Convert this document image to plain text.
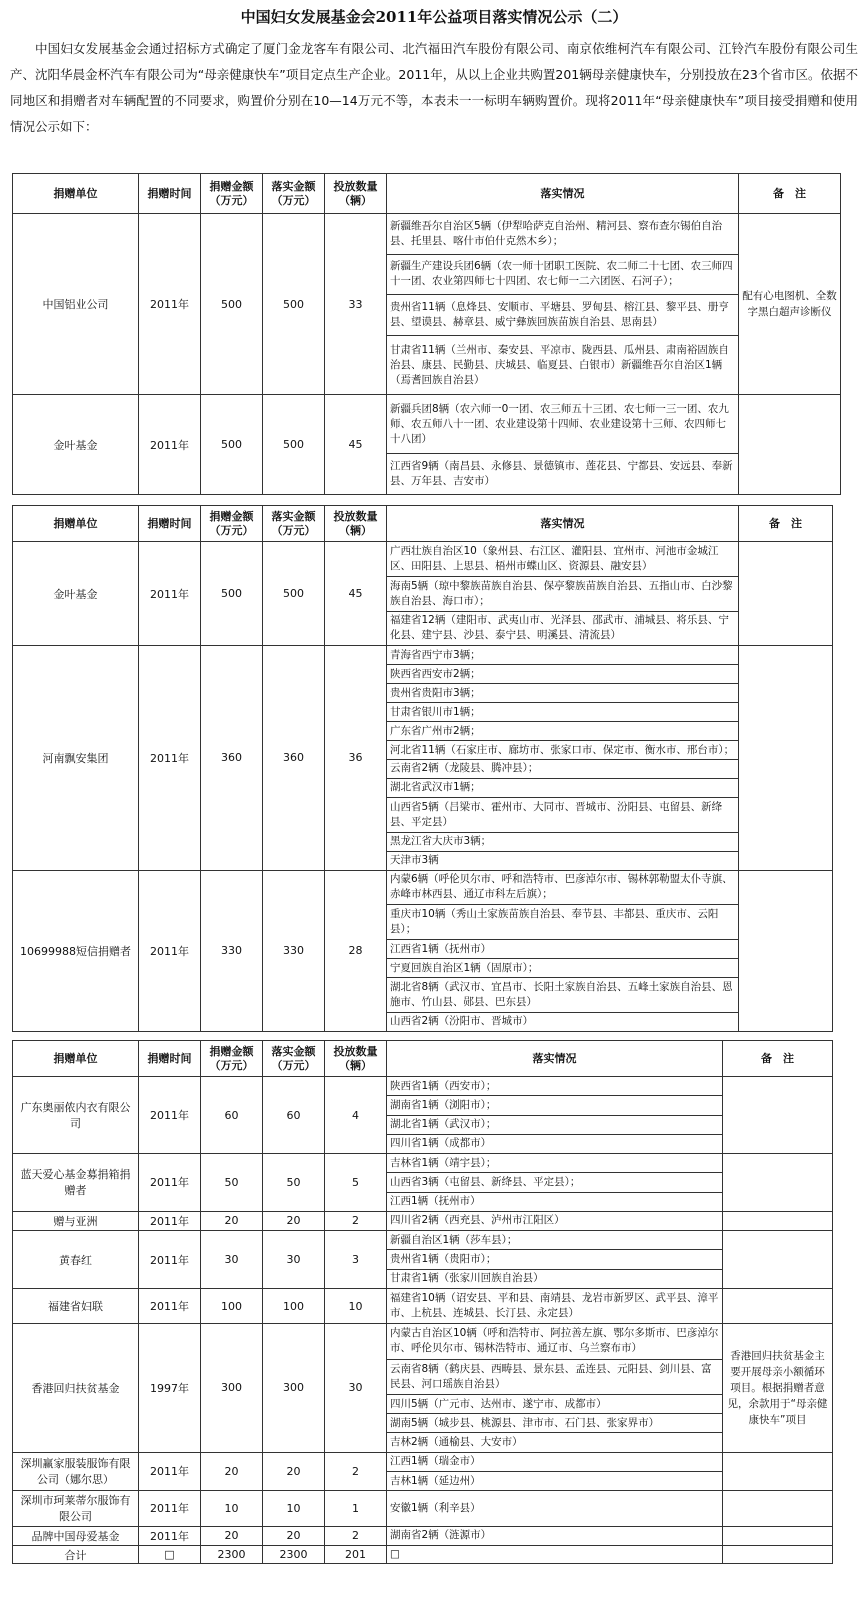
中国妇女发展基金会2011年公益项目落实情况公示（二）

中国妇女发展基金会通过招标方式确定了厦门金龙客车有限公司、北汽福田汽车股份有限公司、南京依维柯汽车有限公司、江铃汽车股份有限公司生产、沈阳华晨金杯汽车有限公司为“母亲健康快车”项目定点生产企业。2011年，从以上企业共购置201辆母亲健康快车，分别投放在23个省市区。依据不同地区和捐赠者对车辆配置的不同要求，购置价分别在10—14万元不等，本表未一一标明车辆购置价。现将2011年“母亲健康快车”项目接受捐赠和使用情况公示如下：

捐赠单位	捐赠时间	捐赠金额（万元）	落实金额（万元）	投放数量（辆）	落实情况	备　注
中国铝业公司	2011年	500	500	33	新疆维吾尔自治区5辆（伊犁哈萨克自治州、精河县、察布查尔锡伯自治县、托里县、喀什市伯什克然木乡）；	配有心电图机、全数字黑白超声诊断仪
					新疆生产建设兵团6辆（农一师十团职工医院、农二师二十七团、农三师四十一团、农业第四师七十四团、农七师一二六团医、石河子）；	
					贵州省11辆（息烽县、安顺市、平塘县、罗甸县、榕江县、黎平县、册亨县、望谟县、赫章县、威宁彝族回族苗族自治县、思南县）	
					甘肃省11辆（兰州市、秦安县、平凉市、陇西县、瓜州县、肃南裕固族自治县、康县、民勤县、庆城县、临夏县、白银市）新疆维吾尔自治区1辆（焉耆回族自治县）	
金叶基金	2011年	500	500	45	新疆兵团8辆（农六师一0一团、农三师五十三团、农七师一三一团、农九师、农五师八十一团、农业建设第十四师、农业建设第十三师、农四师七十八团）	
					江西省9辆（南昌县、永修县、景德镇市、莲花县、宁都县、安远县、奉新县、万年县、吉安市）	
捐赠单位	捐赠时间	捐赠金额（万元）	落实金额（万元）	投放数量（辆）	落实情况	备　注
金叶基金	2011年	500	500	45	广西壮族自治区10（象州县、右江区、灌阳县、宜州市、河池市金城江区、田阳县、上思县、梧州市蝶山区、资源县、融安县）	
					海南5辆（琼中黎族苗族自治县、保亭黎族苗族自治县、五指山市、白沙黎族自治县、海口市）；	
					福建省12辆（建阳市、武夷山市、光泽县、邵武市、浦城县、将乐县、宁化县、建宁县、沙县、泰宁县、明溪县、清流县）	
河南飘安集团	2011年	360	360	36	青海省西宁市3辆；	
					陕西省西安市2辆；	
					贵州省贵阳市3辆；	
					甘肃省银川市1辆；	
					广东省广州市2辆；	
					河北省11辆（石家庄市、廊坊市、张家口市、保定市、衡水市、邢台市）；	
					云南省2辆（龙陵县、腾冲县）；	
					湖北省武汉市1辆；	
					山西省5辆（吕梁市、霍州市、大同市、晋城市、汾阳县、屯留县、新绛县、平定县）	
					黑龙江省大庆市3辆；	
					天津市3辆	
10699988短信捐赠者	2011年	330	330	28	内蒙6辆（呼伦贝尔市、呼和浩特市、巴彦淖尔市、锡林郭勒盟太仆寺旗、赤峰市林西县、通辽市科左后旗）；	
					重庆市10辆（秀山土家族苗族自治县、奉节县、丰都县、重庆市、云阳县）；	
					江西省1辆（抚州市）	
					宁夏回族自治区1辆（固原市）；	
					湖北省8辆（武汉市、宜昌市、长阳土家族自治县、五峰土家族自治县、恩施市、竹山县、郧县、巴东县）	
					山西省2辆（汾阳市、晋城市）	
捐赠单位	捐赠时间	捐赠金额（万元）	落实金额（万元）	投放数量（辆）	落实情况	备　注
广东奥丽侬内衣有限公司	2011年	60	60	4	陕西省1辆（西安市）；	
					湖南省1辆（浏阳市）；	
					湖北省1辆（武汉市）；	
					四川省1辆（成都市）	
蓝天爱心基金募捐箱捐赠者	2011年	50	50	5	吉林省1辆（靖宇县）；	
					山西省3辆（屯留县、新绛县、平定县）；	
					江西1辆（抚州市）	
赠与亚洲	2011年	20	20	2	四川省2辆（西充县、泸州市江阳区）	
黄春红	2011年	30	30	3	新疆自治区1辆（莎车县）；	
					贵州省1辆（贵阳市）；	
					甘肃省1辆（张家川回族自治县）	
福建省妇联	2011年	100	100	10	福建省10辆（诏安县、平和县、南靖县、龙岩市新罗区、武平县、漳平市、上杭县、连城县、长汀县、永定县）	
香港回归扶贫基金	1997年	300	300	30	内蒙古自治区10辆（呼和浩特市、阿拉善左旗、鄂尔多斯市、巴彦淖尔市、呼伦贝尔市、锡林浩特市、通辽市、乌兰察布市）	香港回归扶贫基金主要开展母亲小额循环项目。根据捐赠者意见，余款用于“母亲健康快车”项目
					云南省8辆（鹤庆县、西畴县、景东县、孟连县、元阳县、剑川县、富民县、河口瑶族自治县）	
					四川5辆（广元市、达州市、遂宁市、成都市）	
					湖南5辆（城步县、桃源县、津市市、石门县、张家界市）	
					吉林2辆（通榆县、大安市）	
深圳赢家服装服饰有限公司（娜尔思）	2011年	20	20	2	江西1辆（瑞金市）	
					吉林1辆（延边州）	
深圳市珂莱蒂尔服饰有限公司	2011年	10	10	1	安徽1辆（利辛县）	
品牌中国母爱基金	2011年	20	20	2	湖南省2辆（涟源市）	
合计	□	2300	2300	201	□	
